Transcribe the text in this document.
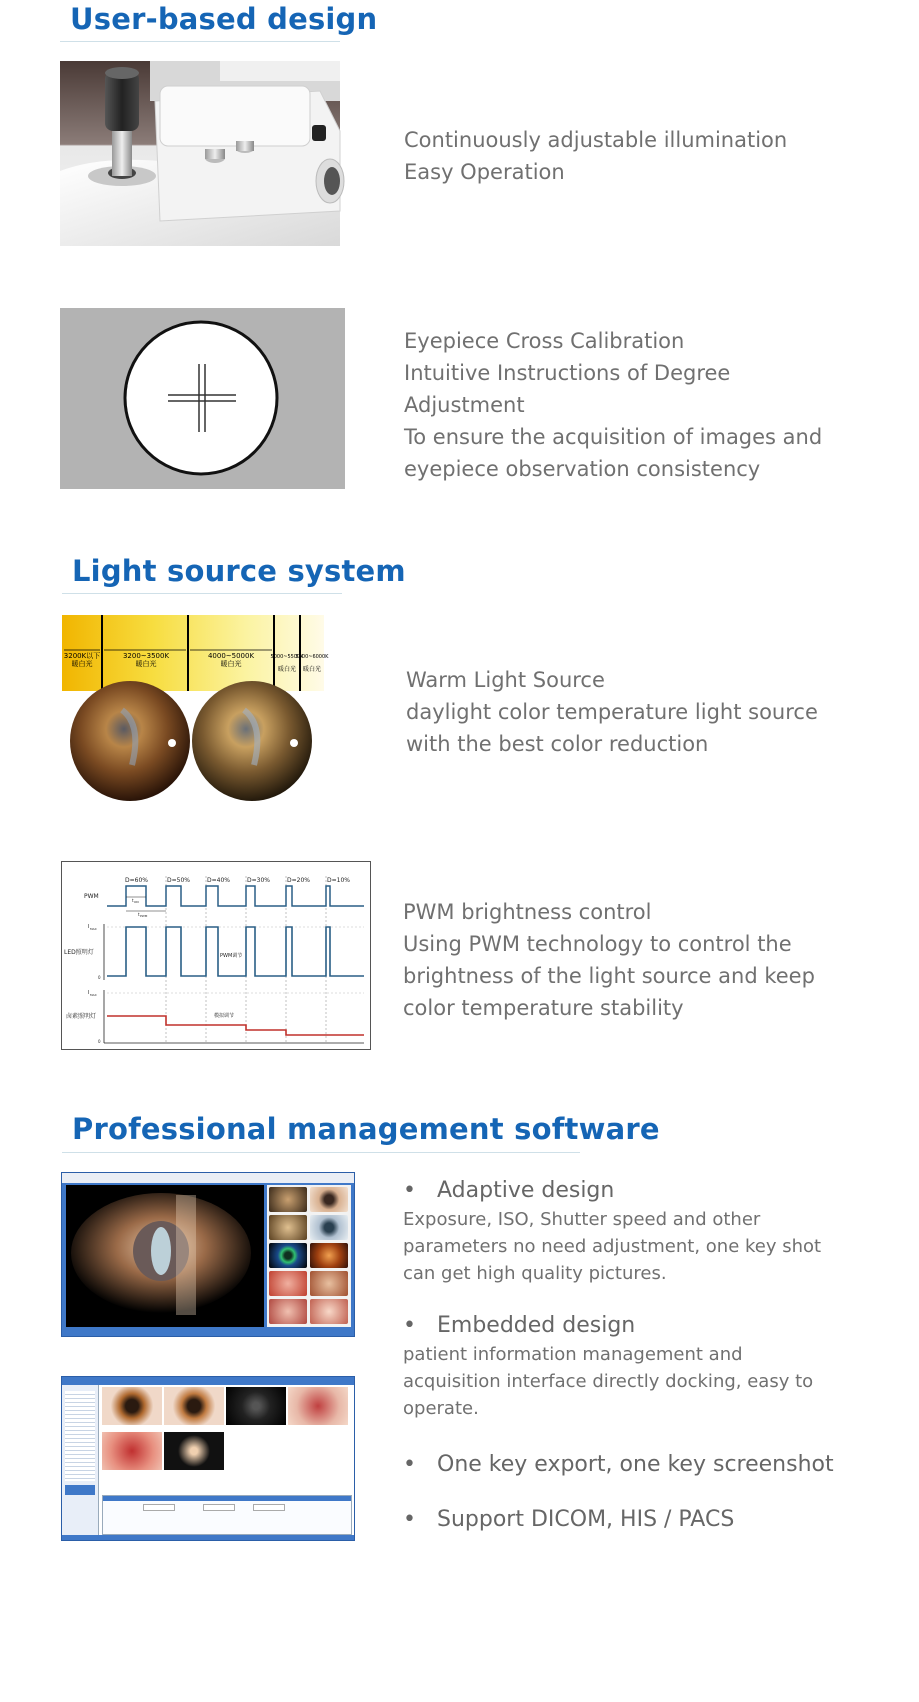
User-based design
Continuously adjustable illumination
Easy Operation
Eyepiece Cross Calibration
Intuitive Instructions of Degree
Adjustment
To ensure the acquisition of images and
eyepiece observation consistency
Light source system
3200K以下
暖白光
3200~3500K
暖白光
4000~5000K
暖白光
5000~5500K
暖白光
5500~6000K
暖白光	Warm Light Source
daylight color temperature light source
with the best color reduction
D=60%	D=50%	D=40%	D=30%	D=20%	D=10%
PWM
t ON
t PWM
I MAX
LED照明灯
0
PWM调节
I MAX
卤素照明灯
0
模拟调节
PWM brightness control
Using PWM technology to control the
brightness of the light source and keep
color temperature stability
Professional management software
• Adaptive design
Exposure, ISO, Shutter speed and other
parameters no need adjustment, one key shot
can get high quality pictures.
• Embedded design
patient information management and
acquisition interface directly docking, easy to
operate.
• One key export, one key screenshot
• Support DICOM, HIS / PACS
